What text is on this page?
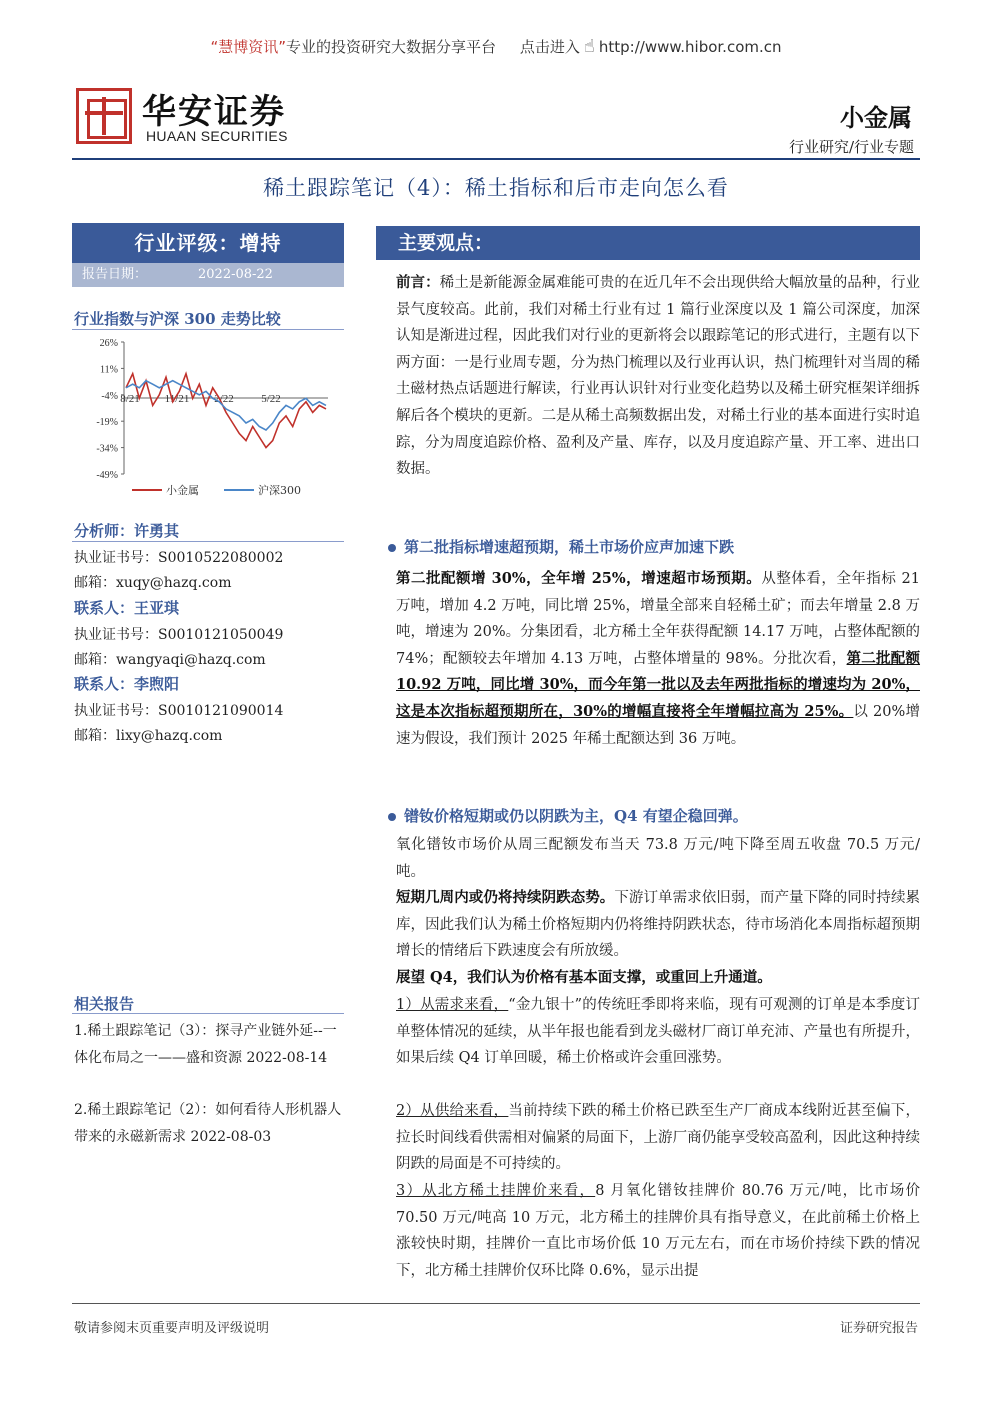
“慧博资讯”专业的投资研究大数据分享平台 点击进入 ☝ http://www.hibor.com.cn
华安证券
HUAAN SECURITIES
小金属
行业研究/行业专题
稀土跟踪笔记（4）：稀土指标和后市走向怎么看
行业评级：增持
报告日期：	2022-08-22
行业指数与沪深 300 走势比较
26%
11%
-4%
-19%
-34%
-49%
8/21 11/21 2/22 5/22
小金属	沪深300
分析师：许勇其
执业证书号：S0010522080002
邮箱：xuqy@hazq.com
联系人：王亚琪
执业证书号：S0010121050049
邮箱：wangyaqi@hazq.com
联系人：李煦阳
执业证书号：S0010121090014
邮箱：lixy@hazq.com
相关报告
1.稀土跟踪笔记（3）：探寻产业链外延--一体化布局之一——盛和资源 2022-08-14
2.稀土跟踪笔记（2）：如何看待人形机器人带来的永磁新需求 2022-08-03
主要观点：
前言：稀土是新能源金属难能可贵的在近几年不会出现供给大幅放量的品种，行业景气度较高。此前，我们对稀土行业有过 1 篇行业深度以及 1 篇公司深度，加深认知是渐进过程，因此我们对行业的更新将会以跟踪笔记的形式进行，主题有以下两方面：一是行业周专题，分为热门梳理以及行业再认识，热门梳理针对当周的稀土磁材热点话题进行解读，行业再认识针对行业变化趋势以及稀土研究框架详细拆解后各个模块的更新。二是从稀土高频数据出发，对稀土行业的基本面进行实时追踪，分为周度追踪价格、盈利及产量、库存，以及月度追踪产量、开工率、进出口数据。
第二批指标增速超预期，稀土市场价应声加速下跌
第二批配额增 30%，全年增 25%，增速超市场预期。从整体看，全年指标 21 万吨，增加 4.2 万吨，同比增 25%，增量全部来自轻稀土矿；而去年增量 2.8 万吨，增速为 20%。分集团看，北方稀土全年获得配额 14.17 万吨，占整体配额的 74%；配额较去年增加 4.13 万吨，占整体增量的 98%。分批次看，第二批配额 10.92 万吨，同比增 30%，而今年第一批以及去年两批指标的增速均为 20%，这是本次指标超预期所在，30%的增幅直接将全年增幅拉高为 25%。以 20%增速为假设，我们预计 2025 年稀土配额达到 36 万吨。
镨钕价格短期或仍以阴跌为主，Q4 有望企稳回弹。
氧化镨钕市场价从周三配额发布当天 73.8 万元/吨下降至周五收盘 70.5 万元/吨。
短期几周内或仍将持续阴跌态势。下游订单需求依旧弱，而产量下降的同时持续累库，因此我们认为稀土价格短期内仍将维持阴跌状态，待市场消化本周指标超预期增长的情绪后下跌速度会有所放缓。
展望 Q4，我们认为价格有基本面支撑，或重回上升通道。
1）从需求来看，“金九银十”的传统旺季即将来临，现有可观测的订单是本季度订单整体情况的延续，从半年报也能看到龙头磁材厂商订单充沛、产量也有所提升，如果后续 Q4 订单回暖，稀土价格或许会重回涨势。
2）从供给来看，当前持续下跌的稀土价格已跌至生产厂商成本线附近甚至偏下，拉长时间线看供需相对偏紧的局面下，上游厂商仍能享受较高盈利，因此这种持续阴跌的局面是不可持续的。
3）从北方稀土挂牌价来看，8 月氧化镨钕挂牌价 80.76 万元/吨，比市场价 70.50 万元/吨高 10 万元，北方稀土的挂牌价具有指导意义，在此前稀土价格上涨较快时期，挂牌价一直比市场价低 10 万元左右，而在市场价持续下跌的情况下，北方稀土挂牌价仅环比降 0.6%，显示出提
敬请参阅末页重要声明及评级说明	证券研究报告
